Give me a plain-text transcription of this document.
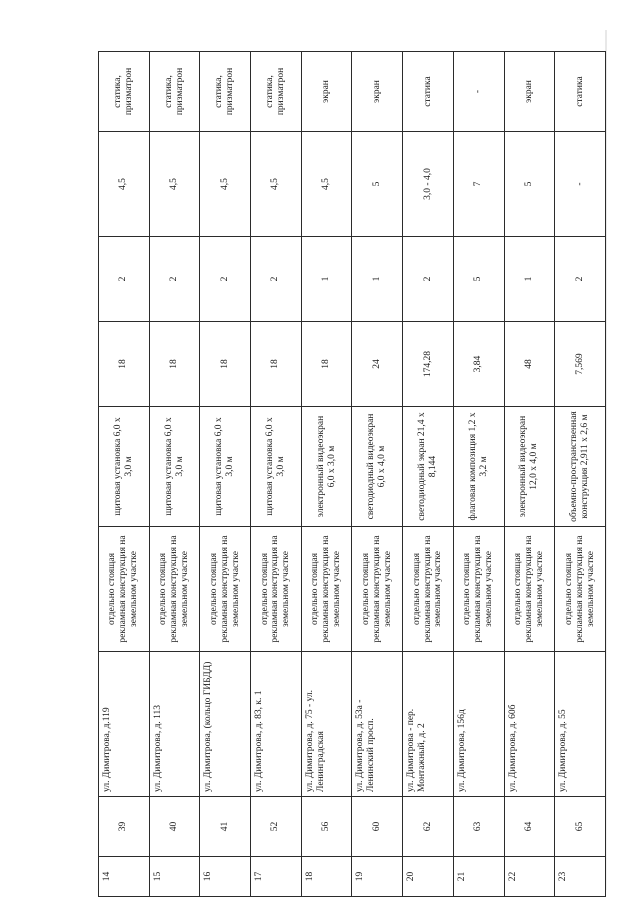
14	39	ул. Димитрова, д.119	отдельно стоящая рекламная конструкция на земельном участке	щитовая установка 6,0 х 3,0 м	18	2	4,5	статика, призматрон
15	40	ул. Димитрова, д. 113	отдельно стоящая рекламная конструкция на земельном участке	щитовая установка 6,0 х 3,0 м	18	2	4,5	статика, призматрон
16	41	ул. Димитрова, (кольцо ГИБДД)	отдельно стоящая рекламная конструкция на земельном участке	щитовая установка 6,0 х 3,0 м	18	2	4,5	статика, призматрон
17	52	ул. Димитрова, д. 83, к. 1	отдельно стоящая рекламная конструкция на земельном участке	щитовая установка 6,0 х 3,0 м	18	2	4,5	статика, призматрон
18	56	ул. Димитрова, д. 75 - ул. Ленинградская	отдельно стоящая рекламная конструкция на земельном участке	электронный видеоэкран 6,0 х 3,0 м	18	1	4,5	экран
19	60	ул. Димитрова, д. 53а - Ленинский просп.	отдельно стоящая рекламная конструкция на земельном участке	светодиодный видеоэкран 6,0 х 4,0 м	24	1	5	экран
20	62	ул. Димитрова - пер. Монтажный, д. 2	отдельно стоящая рекламная конструкция на земельном участке	светодиодный экран 21,4 х 8,144	174,28	2	3,0 - 4,0	статика
21	63	ул. Димитрова, 156д	отдельно стоящая рекламная конструкция на земельном участке	флаговая композиция 1,2 х 3,2 м	3,84	5	7	-
22	64	ул. Димитрова, д. 60б	отдельно стоящая рекламная конструкция на земельном участке	электронный видеоэкран 12,0 х 4,0 м	48	1	5	экран
23	65	ул. Димитрова, д. 55	отдельно стоящая рекламная конструкция на земельном участке	объемно-пространственная конструкция 2,911 х 2,6 м	7,569	2	-	статика
